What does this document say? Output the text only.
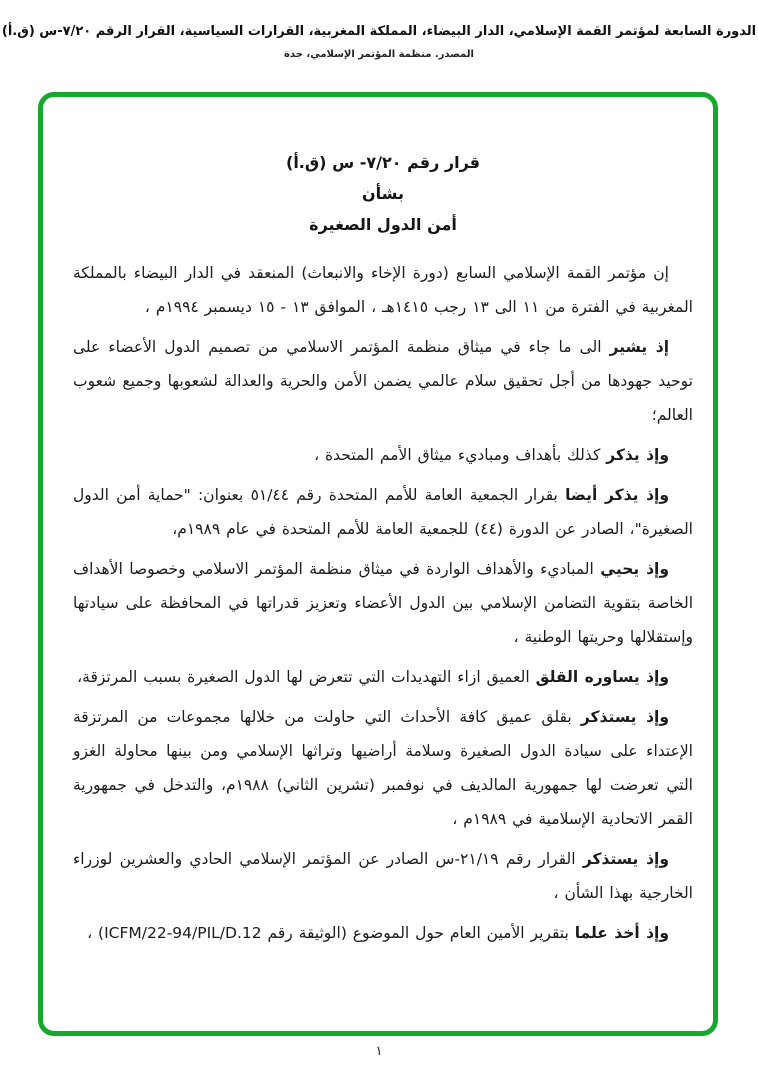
الدورة السابعة لمؤتمر القمة الإسلامي، الدار البيضاء، المملكة المغربية، القرارات السياسية، القرار الرقم ٧/٢٠-س (ق.أ)
المصدر. منظمة المؤتمر الإسلامي، جدة
قرار رقم ٧/٢٠- س (ق.أ)
بشأن
أمن الدول الصغيرة

إن مؤتمر القمة الإسلامي السابع (دورة الإخاء والانبعاث) المنعقد في الدار البيضاء بالمملكة المغربية في الفترة من ١١ الى ١٣ رجب ١٤١٥هـ ، الموافق ١٣ - ١٥ ديسمبر ١٩٩٤م ،

إذ يشير الى ما جاء في ميثاق منظمة المؤتمر الاسلامي من تصميم الدول الأعضاء على توحيد جهودها من أجل تحقيق سلام عالمي يضمن الأمن والحرية والعدالة لشعوبها وجميع شعوب العالم؛

وإذ يذكر كذلك بأهداف ومباديء ميثاق الأمم المتحدة ،

وإذ يذكر أيضا بقرار الجمعية العامة للأمم المتحدة رقم ٥١/٤٤ بعنوان: "حماية أمن الدول الصغيرة"، الصادر عن الدورة (٤٤) للجمعية العامة للأمم المتحدة في عام ١٩٨٩م،

وإذ يحيي المباديء والأهداف الواردة في ميثاق منظمة المؤتمر الاسلامي وخصوصا الأهداف الخاصة بتقوية التضامن الإسلامي بين الدول الأعضاء وتعزيز قدراتها في المحافظة على سيادتها وإستقلالها وحريتها الوطنية ،

وإذ يساوره القلق العميق ازاء التهديدات التي تتعرض لها الدول الصغيرة بسبب المرتزقة،

وإذ يستذكر بقلق عميق كافة الأحداث التي حاولت من خلالها مجموعات من المرتزقة الإعتداء على سيادة الدول الصغيرة وسلامة أراضيها وتراثها الإسلامي ومن بينها محاولة الغزو التي تعرضت لها جمهورية المالديف في نوفمبر (تشرين الثاني) ١٩٨٨م، والتدخل في جمهورية القمر الاتحادية الإسلامية في ١٩٨٩م ،

وإذ يستذكر القرار رقم ٢١/١٩-س الصادر عن المؤتمر الإسلامي الحادي والعشرين لوزراء الخارجية بهذا الشأن ،

وإذ أخذ علما بتقرير الأمين العام حول الموضوع (الوثيقة رقم ICFM/22-94/PIL/D.12) ،

١
